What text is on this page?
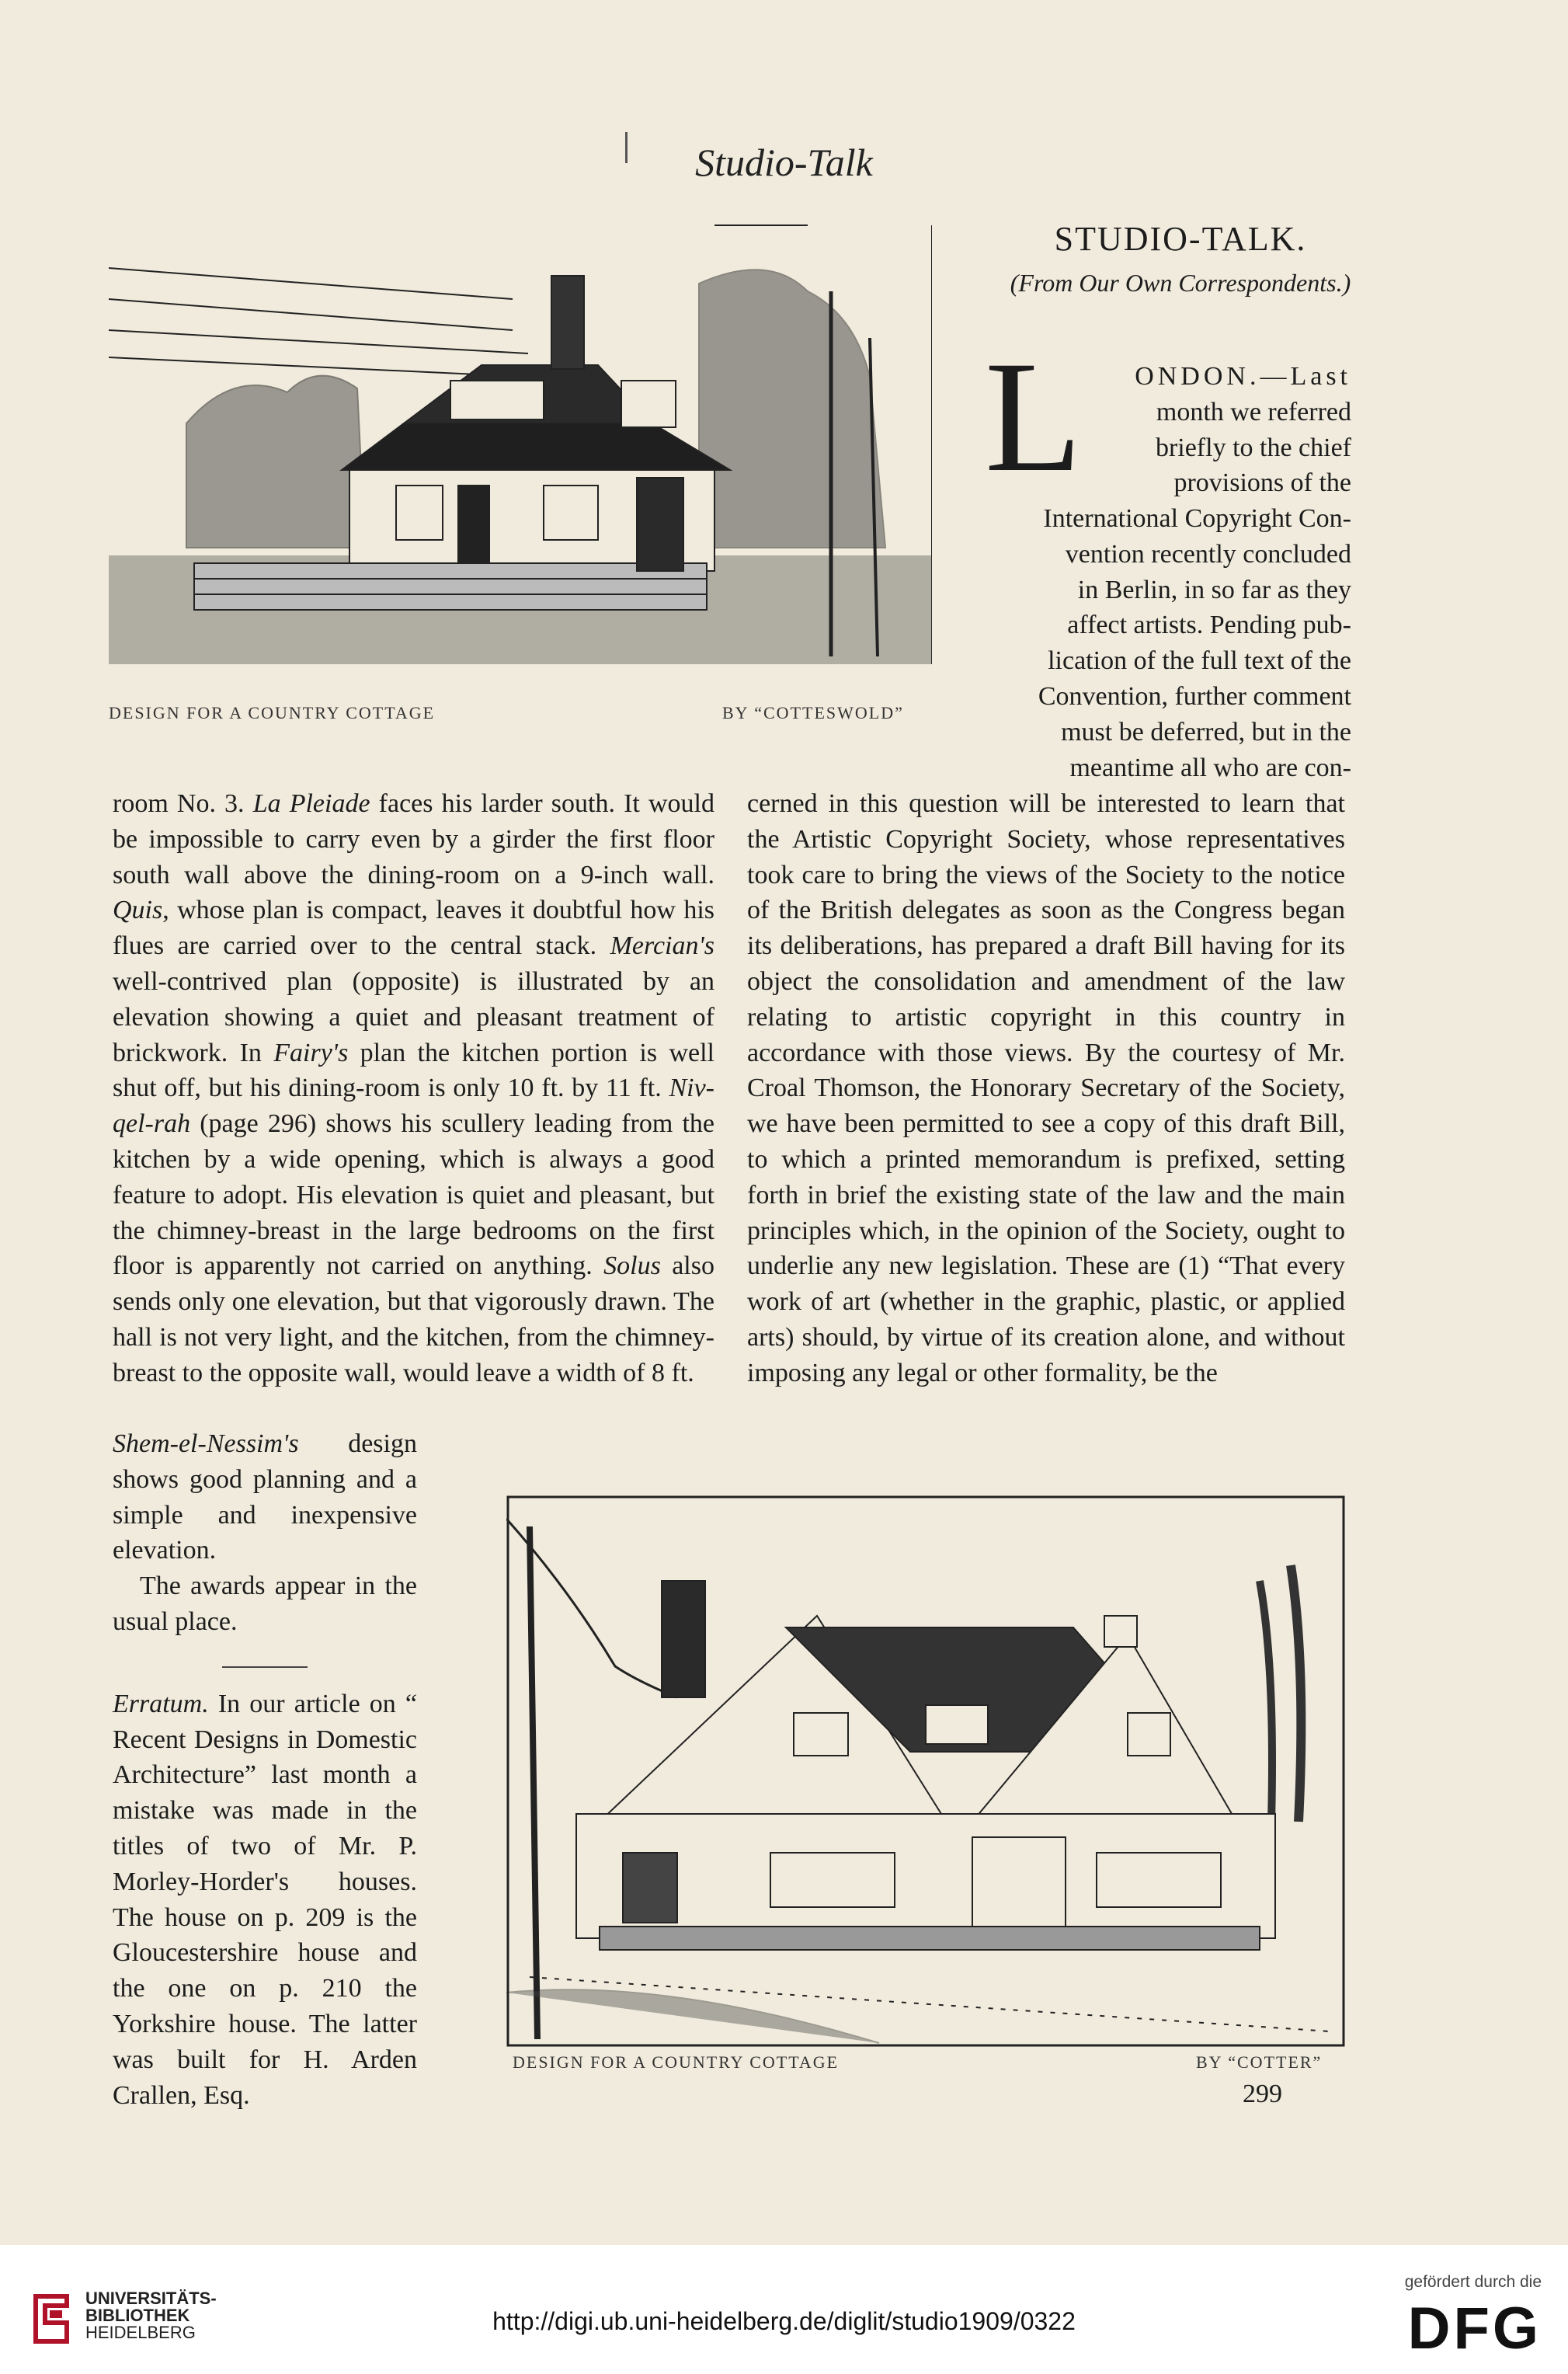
Studio-Talk
DESIGN FOR A COUNTRY COTTAGE	BY “COTTESWOLD”
STUDIO-TALK.
(From Our Own Correspondents.)
L	ONDON.—Last
month we referred
briefly to the chief
provisions of the
International Copyright Con-
vention recently concluded
in Berlin, in so far as they
affect artists. Pending pub-
lication of the full text of the
Convention, further comment
must be deferred, but in the
meantime all who are con-

cerned in this question will be interested to learn that the Artistic Copyright Society, whose representatives took care to bring the views of the Society to the notice of the British delegates as soon as the Congress began its deliberations, has prepared a draft Bill having for its object the consolidation and amendment of the law relating to artistic copyright in this country in accordance with those views. By the courtesy of Mr. Croal Thomson, the Honorary Secretary of the Society, we have been permitted to see a copy of this draft Bill, to which a printed memorandum is prefixed, setting forth in brief the existing state of the law and the main principles which, in the opinion of the Society, ought to underlie any new legislation. These are (1) “That every work of art (whether in the graphic, plastic, or applied arts) should, by virtue of its creation alone, and without imposing any legal or other formality, be the

room No. 3. La Pleiade faces his larder south. It would be impossible to carry even by a girder the first floor south wall above the dining-room on a 9-inch wall. Quis, whose plan is compact, leaves it doubtful how his flues are carried over to the central stack. Mercian's well-contrived plan (opposite) is illustrated by an elevation showing a quiet and pleasant treatment of brickwork. In Fairy's plan the kitchen portion is well shut off, but his dining-room is only 10 ft. by 11 ft. Niv-qel-rah (page 296) shows his scullery leading from the kitchen by a wide opening, which is always a good feature to adopt. His elevation is quiet and pleasant, but the chimney-breast in the large bedrooms on the first floor is apparently not carried on anything. Solus also sends only one elevation, but that vigorously drawn. The hall is not very light, and the kitchen, from the chimney-breast to the opposite wall, would leave a width of 8 ft.

Shem-el-Nessim's design shows good planning and a simple and inexpensive elevation.

The awards appear in the usual place.

Erratum. In our article on “ Recent Designs in Domestic Architecture” last month a mistake was made in the titles of two of Mr. P. Morley-Horder's houses. The house on p. 209 is the Gloucestershire house and the one on p. 210 the Yorkshire house. The latter was built for H. Arden Crallen, Esq.

DESIGN FOR A COUNTRY COTTAGE	BY “COTTER”
299
UNIVERSITÄTS-
BIBLIOTHEK
HEIDELBERG	http://digi.ub.uni-heidelberg.de/diglit/studio1909/0322
gefördert durch die
DFG
